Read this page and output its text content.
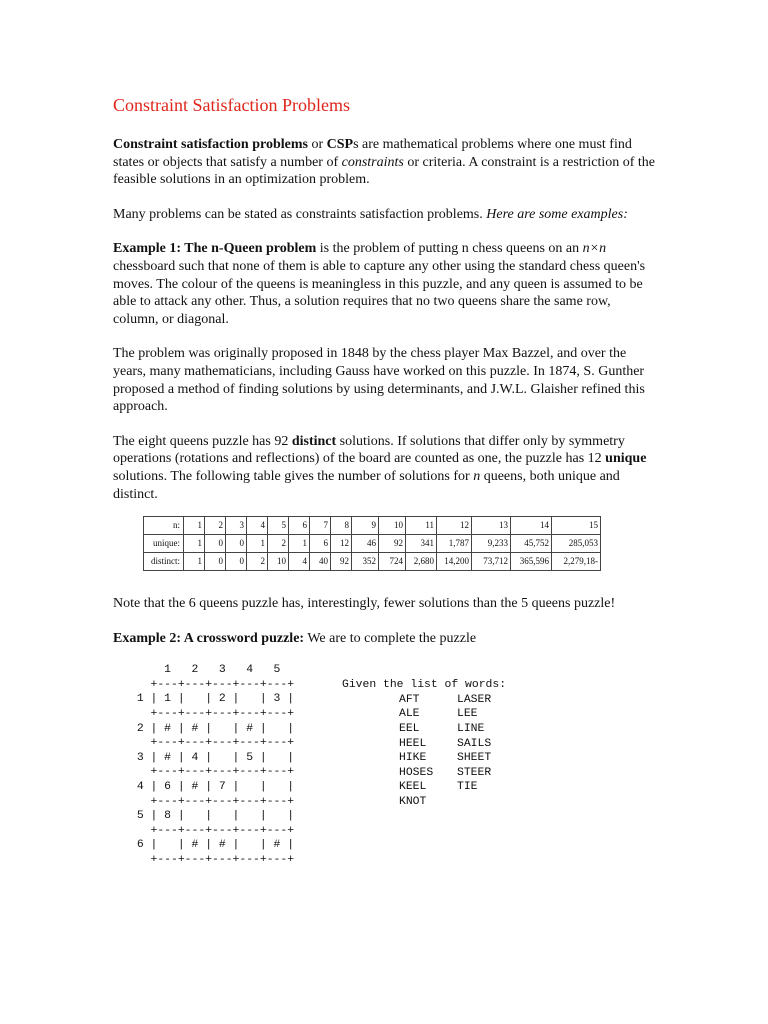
Constraint Satisfaction Problems

Constraint satisfaction problems or CSPs are mathematical problems where one must find states or objects that satisfy a number of constraints or criteria. A constraint is a restriction of the feasible solutions in an optimization problem.

Many problems can be stated as constraints satisfaction problems. Here are some examples:

Example 1: The n-Queen problem is the problem of putting n chess queens on an n×n chessboard such that none of them is able to capture any other using the standard chess queen's moves. The colour of the queens is meaningless in this puzzle, and any queen is assumed to be able to attack any other. Thus, a solution requires that no two queens share the same row, column, or diagonal.

The problem was originally proposed in 1848 by the chess player Max Bazzel, and over the years, many mathematicians, including Gauss have worked on this puzzle. In 1874, S. Gunther proposed a method of finding solutions by using determinants, and J.W.L. Glaisher refined this approach.

The eight queens puzzle has 92 distinct solutions. If solutions that differ only by symmetry operations (rotations and reflections) of the board are counted as one, the puzzle has 12 unique solutions. The following table gives the number of solutions for n queens, both unique and distinct.

n:	1	2	3	4	5	6	7	8	9	10	11	12	13	14	15
unique:	1	0	0	1	2	1	6	12	46	92	341	1,787	9,233	45,752	285,053
distinct:	1	0	0	2	10	4	40	92	352	724	2,680	14,200	73,712	365,596	2,279,18-

Note that the 6 queens puzzle has, interestingly, fewer solutions than the 5 queens puzzle!

Example 2: A crossword puzzle: We are to complete the puzzle

1   2   3   4   5
+---+---+---+---+---+
1 | 1 |   | 2 |   | 3 |
+---+---+---+---+---+
2 | # | # |   | # |   |
+---+---+---+---+---+
3 | # | 4 |   | 5 |   |
+---+---+---+---+---+
4 | 6 | # | 7 |   |   |
+---+---+---+---+---+
5 | 8 |   |   |   |   |
+---+---+---+---+---+
6 |   | # | # |   | # |
+---+---+---+---+---+
Given the list of words:
AFT	LASER
ALE	LEE
EEL	LINE
HEEL	SAILS
HIKE	SHEET
HOSES	STEER
KEEL	TIE
KNOT
